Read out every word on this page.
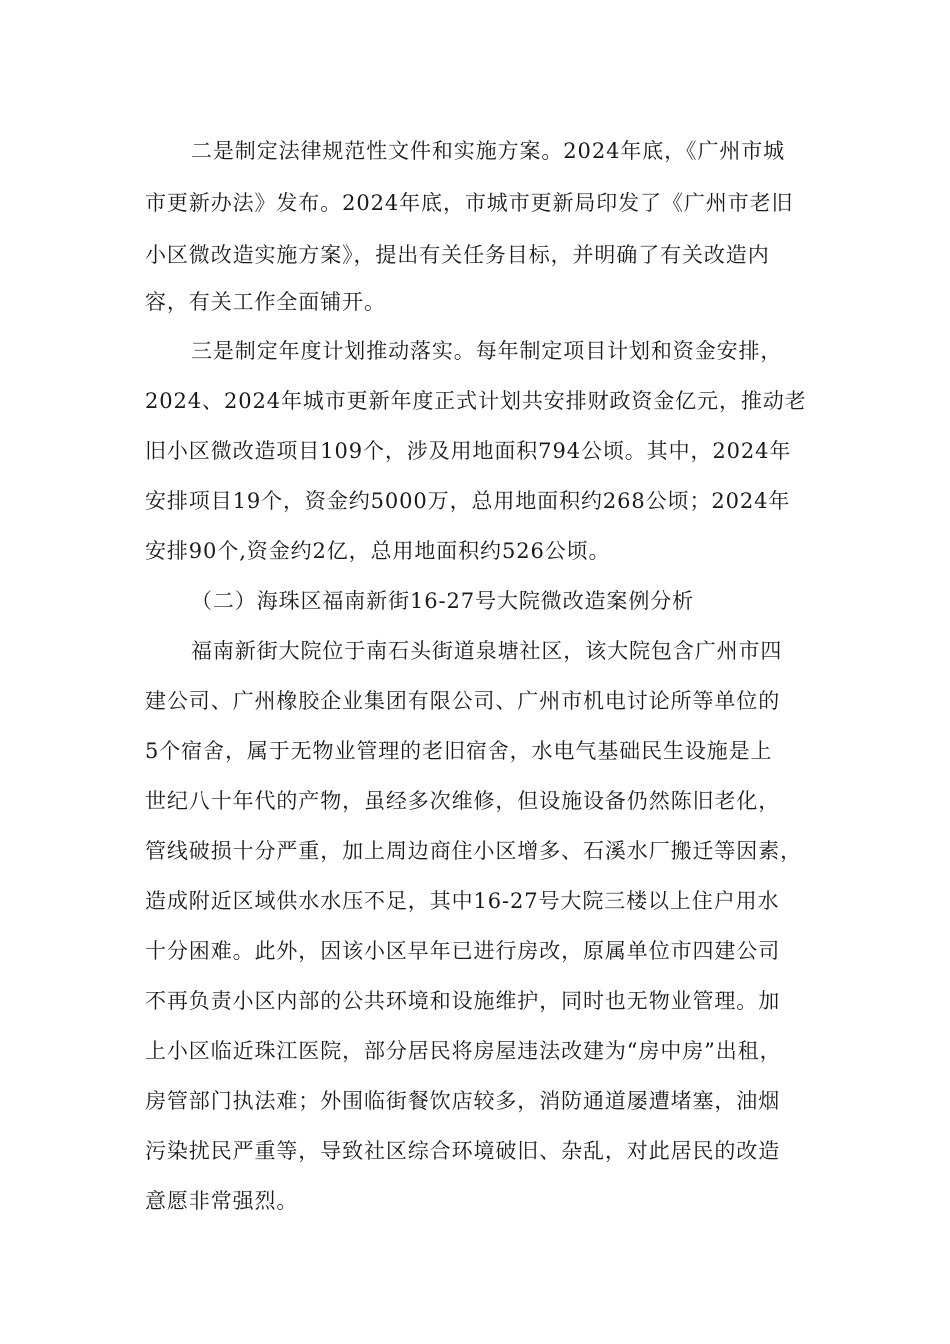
二是制定法律规范性文件和实施方案。2024年底，《广州市城
市更新办法》发布。2024年底，市城市更新局印发了《广州市老旧
小区微改造实施方案》，提出有关任务目标，并明确了有关改造内
容，有关工作全面铺开。
三是制定年度计划推动落实。每年制定项目计划和资金安排，
2024、2024年城市更新年度正式计划共安排财政资金亿元，推动老
旧小区微改造项目109个，涉及用地面积794公顷。其中，2024年
安排项目19个，资金约5000万，总用地面积约268公顷；2024年
安排90个,资金约2亿，总用地面积约526公顷。
（二）海珠区福南新街16-27号大院微改造案例分析
福南新街大院位于南石头街道泉塘社区，该大院包含广州市四
建公司、广州橡胶企业集团有限公司、广州市机电讨论所等单位的
5个宿舍，属于无物业管理的老旧宿舍，水电气基础民生设施是上
世纪八十年代的产物，虽经多次维修，但设施设备仍然陈旧老化，
管线破损十分严重，加上周边商住小区增多、石溪水厂搬迁等因素，
造成附近区域供水水压不足，其中16-27号大院三楼以上住户用水
十分困难。此外，因该小区早年已进行房改，原属单位市四建公司
不再负责小区内部的公共环境和设施维护，同时也无物业管理。加
上小区临近珠江医院，部分居民将房屋违法改建为“房中房”出租，
房管部门执法难；外围临街餐饮店较多，消防通道屡遭堵塞，油烟
污染扰民严重等，导致社区综合环境破旧、杂乱，对此居民的改造
意愿非常强烈。
